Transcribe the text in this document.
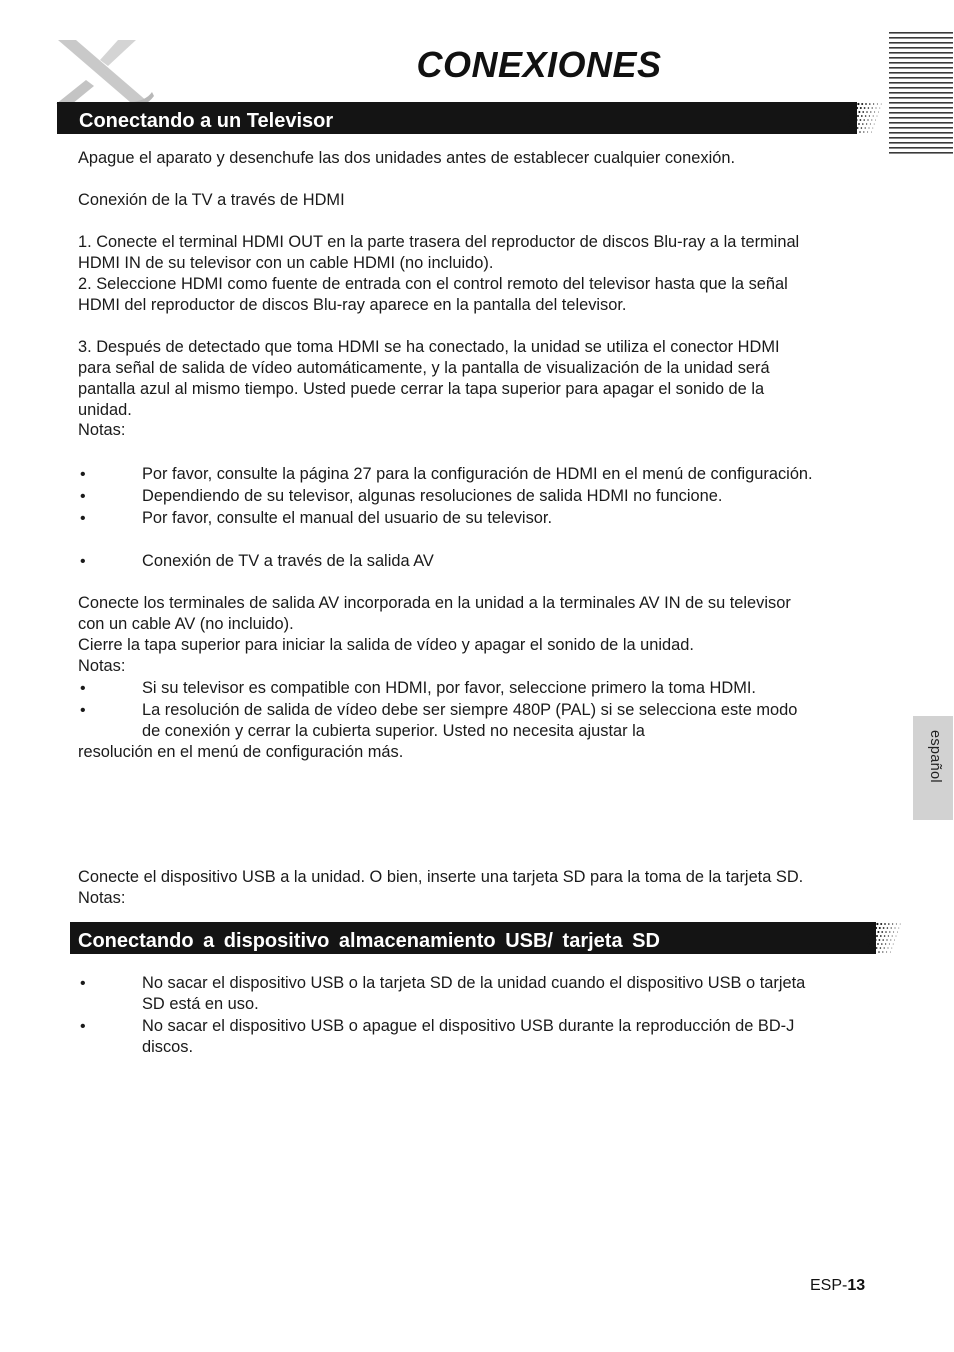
CONEXIONES
Conectando a un Televisor
Apague el aparato y desenchufe las dos unidades antes de establecer cualquier conexión.
Conexión de la TV a través de HDMI
1. Conecte el terminal HDMI OUT en la parte trasera del reproductor de discos Blu-ray a la terminal
HDMI IN de su televisor con un cable HDMI (no incluido).
2. Seleccione HDMI como fuente de entrada con el control remoto del televisor hasta que la señal
HDMI del reproductor de discos Blu-ray aparece en la pantalla del televisor.
3. Después de detectado que toma HDMI se ha conectado, la unidad se utiliza el conector HDMI
para señal de salida de vídeo automáticamente, y la pantalla de visualización de la unidad será
pantalla azul al mismo tiempo. Usted puede cerrar la tapa superior para apagar el sonido de la
unidad.
Notas:
•	Por favor, consulte la página 27 para la configuración de HDMI en el menú de configuración.
•	Dependiendo de su televisor, algunas resoluciones de salida HDMI no funcione.
•	Por favor, consulte el manual del usuario de su televisor.
•	Conexión de TV a través de la salida AV
Conecte los terminales de salida AV incorporada en la unidad a la terminales AV IN de su televisor
con un cable AV (no incluido).
Cierre la tapa superior para iniciar la salida de vídeo y apagar el sonido de la unidad.
Notas:
•	Si su televisor es compatible con HDMI, por favor, seleccione primero la toma HDMI.
•	La resolución de salida de vídeo debe ser siempre 480P (PAL) si se selecciona este modo
de conexión y cerrar la cubierta superior. Usted no necesita ajustar la
resolución en el menú de configuración más.	español
Conecte el dispositivo USB a la unidad. O bien, inserte una tarjeta SD para la toma de la tarjeta SD.
Notas:
Conectando a dispositivo almacenamiento USB/ tarjeta SD
•	No sacar el dispositivo USB o la tarjeta SD de la unidad cuando el dispositivo USB o tarjeta
SD está en uso.
•	No sacar el dispositivo USB o apague el dispositivo USB durante la reproducción de BD-J
discos.
ESP-13
